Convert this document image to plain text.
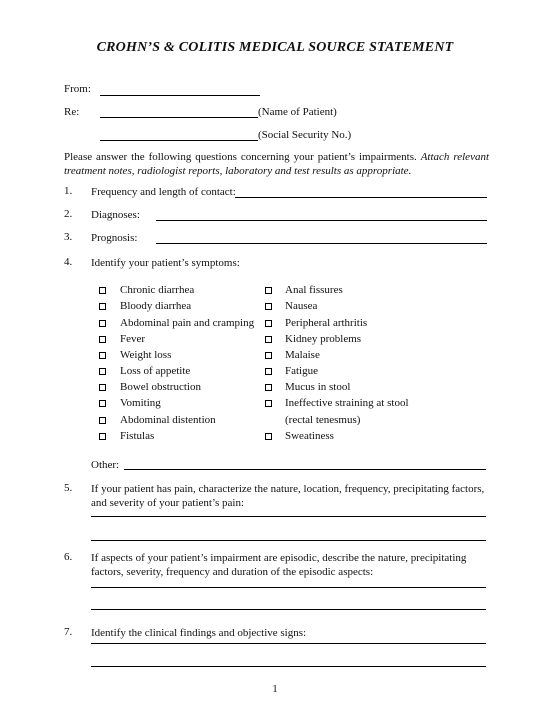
CROHN’S & COLITIS MEDICAL SOURCE STATEMENT
From:
Re:	(Name of Patient)
(Social Security No.)
Please answer the following questions concerning your patient’s impairments. Attach relevant treatment notes, radiologist reports, laboratory and test results as appropriate.
1. Frequency and length of contact:
2. Diagnoses:
3. Prognosis:
4. Identify your patient’s symptoms:
Chronic diarrhea
Bloody diarrhea
Abdominal pain and cramping
Fever
Weight loss
Loss of appetite
Bowel obstruction
Vomiting
Abdominal distention
Fistulas
Anal fissures
Nausea
Peripheral arthritis
Kidney problems
Malaise
Fatigue
Mucus in stool
Ineffective straining at stool
(rectal tenesmus)
Sweatiness
Other:
5. If your patient has pain, characterize the nature, location, frequency, precipitating factors,
and severity of your patient’s pain:
6. If aspects of your patient’s impairment are episodic, describe the nature, precipitating
factors, severity, frequency and duration of the episodic aspects:
7. Identify the clinical findings and objective signs:
1
